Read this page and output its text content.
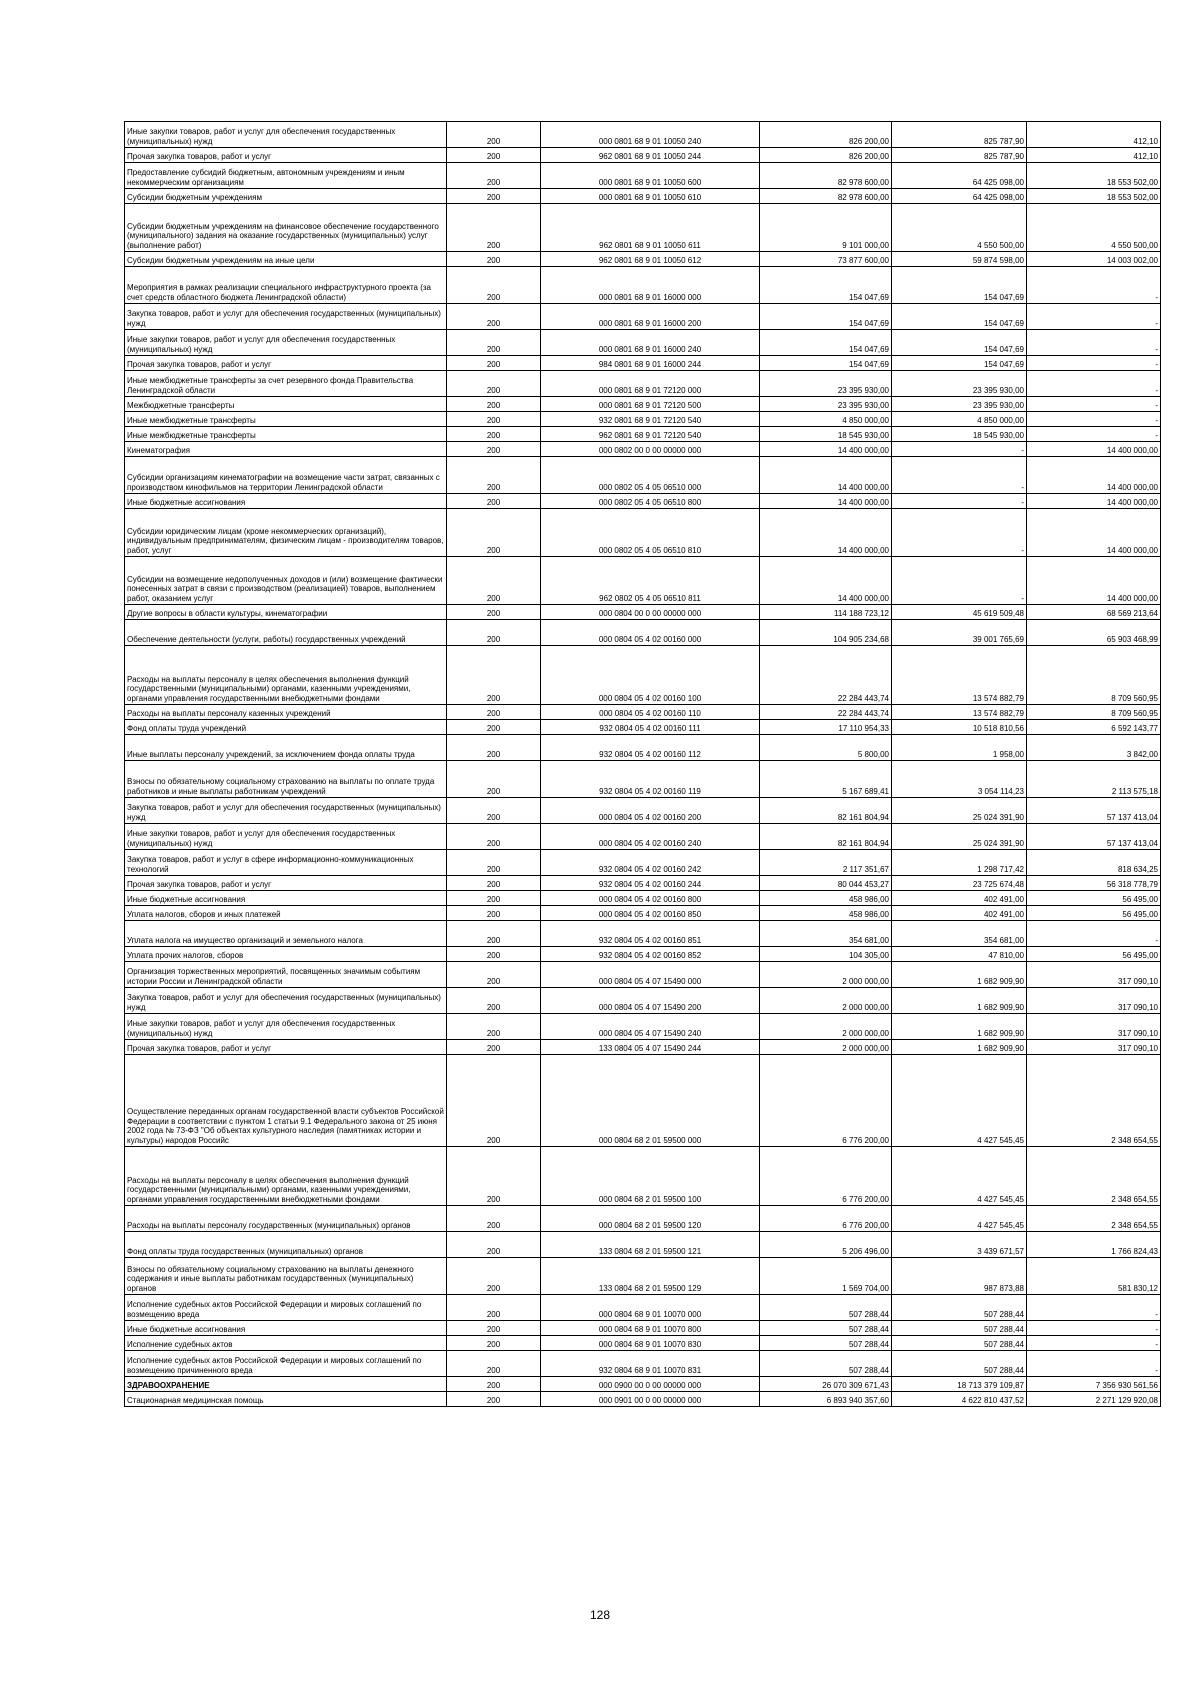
Иные закупки товаров, работ и услуг для обеспечения государственных (муниципальных) нужд	200	000 0801 68 9 01 10050 240	826 200,00	825 787,90	412,10
Прочая закупка товаров, работ и услуг	200	962 0801 68 9 01 10050 244	826 200,00	825 787,90	412,10
Предоставление субсидий бюджетным, автономным учреждениям и иным некоммерческим организациям	200	000 0801 68 9 01 10050 600	82 978 600,00	64 425 098,00	18 553 502,00
Субсидии бюджетным учреждениям	200	000 0801 68 9 01 10050 610	82 978 600,00	64 425 098,00	18 553 502,00
Субсидии бюджетным учреждениям на финансовое обеспечение государственного (муниципального) задания на оказание государственных (муниципальных) услуг (выполнение работ)	200	962 0801 68 9 01 10050 611	9 101 000,00	4 550 500,00	4 550 500,00
Субсидии бюджетным учреждениям на иные цели	200	962 0801 68 9 01 10050 612	73 877 600,00	59 874 598,00	14 003 002,00
Мероприятия в рамках реализации специального инфраструктурного проекта (за счет средств областного бюджета Ленинградской области)	200	000 0801 68 9 01 16000 000	154 047,69	154 047,69	-
Закупка товаров, работ и услуг для обеспечения государственных (муниципальных) нужд	200	000 0801 68 9 01 16000 200	154 047,69	154 047,69	-
Иные закупки товаров, работ и услуг для обеспечения государственных (муниципальных) нужд	200	000 0801 68 9 01 16000 240	154 047,69	154 047,69	-
Прочая закупка товаров, работ и услуг	200	984 0801 68 9 01 16000 244	154 047,69	154 047,69	-
Иные межбюджетные трансферты за счет резервного фонда Правительства Ленинградской области	200	000 0801 68 9 01 72120 000	23 395 930,00	23 395 930,00	-
Межбюджетные трансферты	200	000 0801 68 9 01 72120 500	23 395 930,00	23 395 930,00	-
Иные межбюджетные трансферты	200	932 0801 68 9 01 72120 540	4 850 000,00	4 850 000,00	-
Иные межбюджетные трансферты	200	962 0801 68 9 01 72120 540	18 545 930,00	18 545 930,00	-
Кинематография	200	000 0802 00 0 00 00000 000	14 400 000,00	-	14 400 000,00
Субсидии организациям кинематографии на возмещение части затрат, связанных с производством кинофильмов на территории Ленинградской области	200	000 0802 05 4 05 06510 000	14 400 000,00	-	14 400 000,00
Иные бюджетные ассигнования	200	000 0802 05 4 05 06510 800	14 400 000,00	-	14 400 000,00
Субсидии юридическим лицам (кроме некоммерческих организаций), индивидуальным предпринимателям, физическим лицам - производителям товаров, работ, услуг	200	000 0802 05 4 05 06510 810	14 400 000,00	-	14 400 000,00
Субсидии на возмещение недополученных доходов и (или) возмещение фактически понесенных затрат в связи с производством (реализацией) товаров, выполнением работ, оказанием услуг	200	962 0802 05 4 05 06510 811	14 400 000,00	-	14 400 000,00
Другие вопросы в области культуры, кинематографии	200	000 0804 00 0 00 00000 000	114 188 723,12	45 619 509,48	68 569 213,64
Обеспечение деятельности (услуги, работы) государственных учреждений	200	000 0804 05 4 02 00160 000	104 905 234,68	39 001 765,69	65 903 468,99
Расходы на выплаты персоналу в целях обеспечения выполнения функций государственными (муниципальными) органами, казенными учреждениями, органами управления государственными внебюджетными фондами	200	000 0804 05 4 02 00160 100	22 284 443,74	13 574 882,79	8 709 560,95
Расходы на выплаты персоналу казенных учреждений	200	000 0804 05 4 02 00160 110	22 284 443,74	13 574 882,79	8 709 560,95
Фонд оплаты труда учреждений	200	932 0804 05 4 02 00160 111	17 110 954,33	10 518 810,56	6 592 143,77
Иные выплаты персоналу учреждений, за исключением фонда оплаты труда	200	932 0804 05 4 02 00160 112	5 800,00	1 958,00	3 842,00
Взносы по обязательному социальному страхованию на выплаты по оплате труда работников и иные выплаты работникам учреждений	200	932 0804 05 4 02 00160 119	5 167 689,41	3 054 114,23	2 113 575,18
Закупка товаров, работ и услуг для обеспечения государственных (муниципальных) нужд	200	000 0804 05 4 02 00160 200	82 161 804,94	25 024 391,90	57 137 413,04
Иные закупки товаров, работ и услуг для обеспечения государственных (муниципальных) нужд	200	000 0804 05 4 02 00160 240	82 161 804,94	25 024 391,90	57 137 413,04
Закупка товаров, работ и услуг в сфере информационно-коммуникационных технологий	200	932 0804 05 4 02 00160 242	2 117 351,67	1 298 717,42	818 634,25
Прочая закупка товаров, работ и услуг	200	932 0804 05 4 02 00160 244	80 044 453,27	23 725 674,48	56 318 778,79
Иные бюджетные ассигнования	200	000 0804 05 4 02 00160 800	458 986,00	402 491,00	56 495,00
Уплата налогов, сборов и иных платежей	200	000 0804 05 4 02 00160 850	458 986,00	402 491,00	56 495,00
Уплата налога на имущество организаций и земельного налога	200	932 0804 05 4 02 00160 851	354 681,00	354 681,00	-
Уплата прочих налогов, сборов	200	932 0804 05 4 02 00160 852	104 305,00	47 810,00	56 495,00
Организация торжественных мероприятий, посвященных значимым событиям истории России и Ленинградской области	200	000 0804 05 4 07 15490 000	2 000 000,00	1 682 909,90	317 090,10
Закупка товаров, работ и услуг для обеспечения государственных (муниципальных) нужд	200	000 0804 05 4 07 15490 200	2 000 000,00	1 682 909,90	317 090,10
Иные закупки товаров, работ и услуг для обеспечения государственных (муниципальных) нужд	200	000 0804 05 4 07 15490 240	2 000 000,00	1 682 909,90	317 090,10
Прочая закупка товаров, работ и услуг	200	133 0804 05 4 07 15490 244	2 000 000,00	1 682 909,90	317 090,10
Осуществление переданных органам государственной власти субъектов Российской Федерации в соответствии с пунктом 1 статьи 9.1 Федерального закона от 25 июня 2002 года № 73-ФЗ "Об объектах культурного наследия (памятниках истории и культуры) народов Российс	200	000 0804 68 2 01 59500 000	6 776 200,00	4 427 545,45	2 348 654,55
Расходы на выплаты персоналу в целях обеспечения выполнения функций государственными (муниципальными) органами, казенными учреждениями, органами управления государственными внебюджетными фондами	200	000 0804 68 2 01 59500 100	6 776 200,00	4 427 545,45	2 348 654,55
Расходы на выплаты персоналу государственных (муниципальных) органов	200	000 0804 68 2 01 59500 120	6 776 200,00	4 427 545,45	2 348 654,55
Фонд оплаты труда государственных (муниципальных) органов	200	133 0804 68 2 01 59500 121	5 206 496,00	3 439 671,57	1 766 824,43
Взносы по обязательному социальному страхованию на выплаты денежного содержания и иные выплаты работникам государственных (муниципальных) органов	200	133 0804 68 2 01 59500 129	1 569 704,00	987 873,88	581 830,12
Исполнение судебных актов Российской Федерации и мировых соглашений по возмещению вреда	200	000 0804 68 9 01 10070 000	507 288,44	507 288,44	-
Иные бюджетные ассигнования	200	000 0804 68 9 01 10070 800	507 288,44	507 288,44	-
Исполнение судебных актов	200	000 0804 68 9 01 10070 830	507 288,44	507 288,44	-
Исполнение судебных актов Российской Федерации и мировых соглашений по возмещению причиненного вреда	200	932 0804 68 9 01 10070 831	507 288,44	507 288,44	-
ЗДРАВООХРАНЕНИЕ	200	000 0900 00 0 00 00000 000	26 070 309 671,43	18 713 379 109,87	7 356 930 561,56
Стационарная медицинская помощь	200	000 0901 00 0 00 00000 000	6 893 940 357,60	4 622 810 437,52	2 271 129 920,08
128
